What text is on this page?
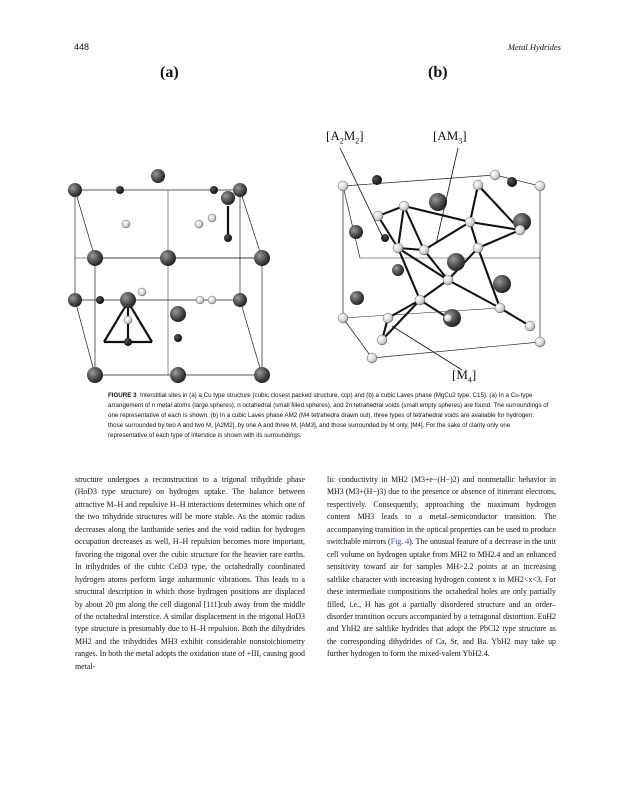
448	Metal Hydrides
(a)	(b)
$[A_2M_2]$	$[AM_3]$
$[M_4]$
FIGURE 3 Interstitial sites in (a) a Cu type structure (cubic closest packed structure, ccp) and (b) a cubic Laves phase (MgCu2 type, C15). (a) In a Cu-type arrangement of n metal atoms (large spheres), n octahedral (small filled spheres), and 2n tetrahedral voids (small empty spheres) are found. The surroundings of one representative of each is shown. (b) In a cubic Laves phase AM2 (M4 tetrahedra drawn out), three types of tetrahedral voids are available for hydrogen: those surrounded by two A and two M, [A2M2], by one A and three M, [AM3], and those surrounded by M only, [M4]. For the sake of clarity only one representative of each type of interstice is shown with its surroundings.

structure undergoes a reconstruction to a trigonal trihydride phase (HoD3 type structure) on hydrogen uptake. The balance between attractive M–H and repulsive H–H interactions determines which one of the two trihydride structures will be more stable. As the atomic radius decreases along the lanthanide series and the void radius for hydrogen occupation decreases as well, H–H repulsion becomes more important, favoring the trigonal over the cubic structure for the heavier rare earths. In trihydrides of the cubic CeD3 type, the octahedrally coordinated hydrogen atoms perform large anharmonic vibrations. This leads to a structural description in which those hydrogen positions are displaced by about 20 pm along the cell diagonal [111]cub away from the middle of the octahedral interstice. A similar displacement in the trigonal HoD3 type structure is presumably due to H–H repulsion. Both the dihydrides MH2 and the trihydrides MH3 exhibit considerable nonstoichiometry ranges. In both the metal adopts the oxidation state of +III, causing good metal-

lic conductivity in MH2 (M3+e−(H−)2) and nonmetallic behavior in MH3 (M3+(H−)3) due to the presence or absence of itinerant electrons, respectively. Consequently, approaching the maximum hydrogen content MH3 leads to a metal–semiconductor transition. The accompanying transition in the optical properties can be used to produce switchable mirrors (Fig. 4). The unusual feature of a decrease in the unit cell volume on hydrogen uptake from MH2 to MH2.4 and an enhanced sensitivity toward air for samples MH>2.2 points at an increasing saltlike character with increasing hydrogen content x in MH2<x<3. For these intermediate compositions the octahedral holes are only partially filled, i.e., H has got a partially disordered structure and an order–disorder transition occurs accompanied by a tetragonal distortion. EuH2 and YbH2 are saltlike hydrides that adopt the PbCl2 type structure as the corresponding dihydrides of Ca, Sr, and Ba. YbH2 may take up further hydrogen to form the mixed-valent YbH2.4.
